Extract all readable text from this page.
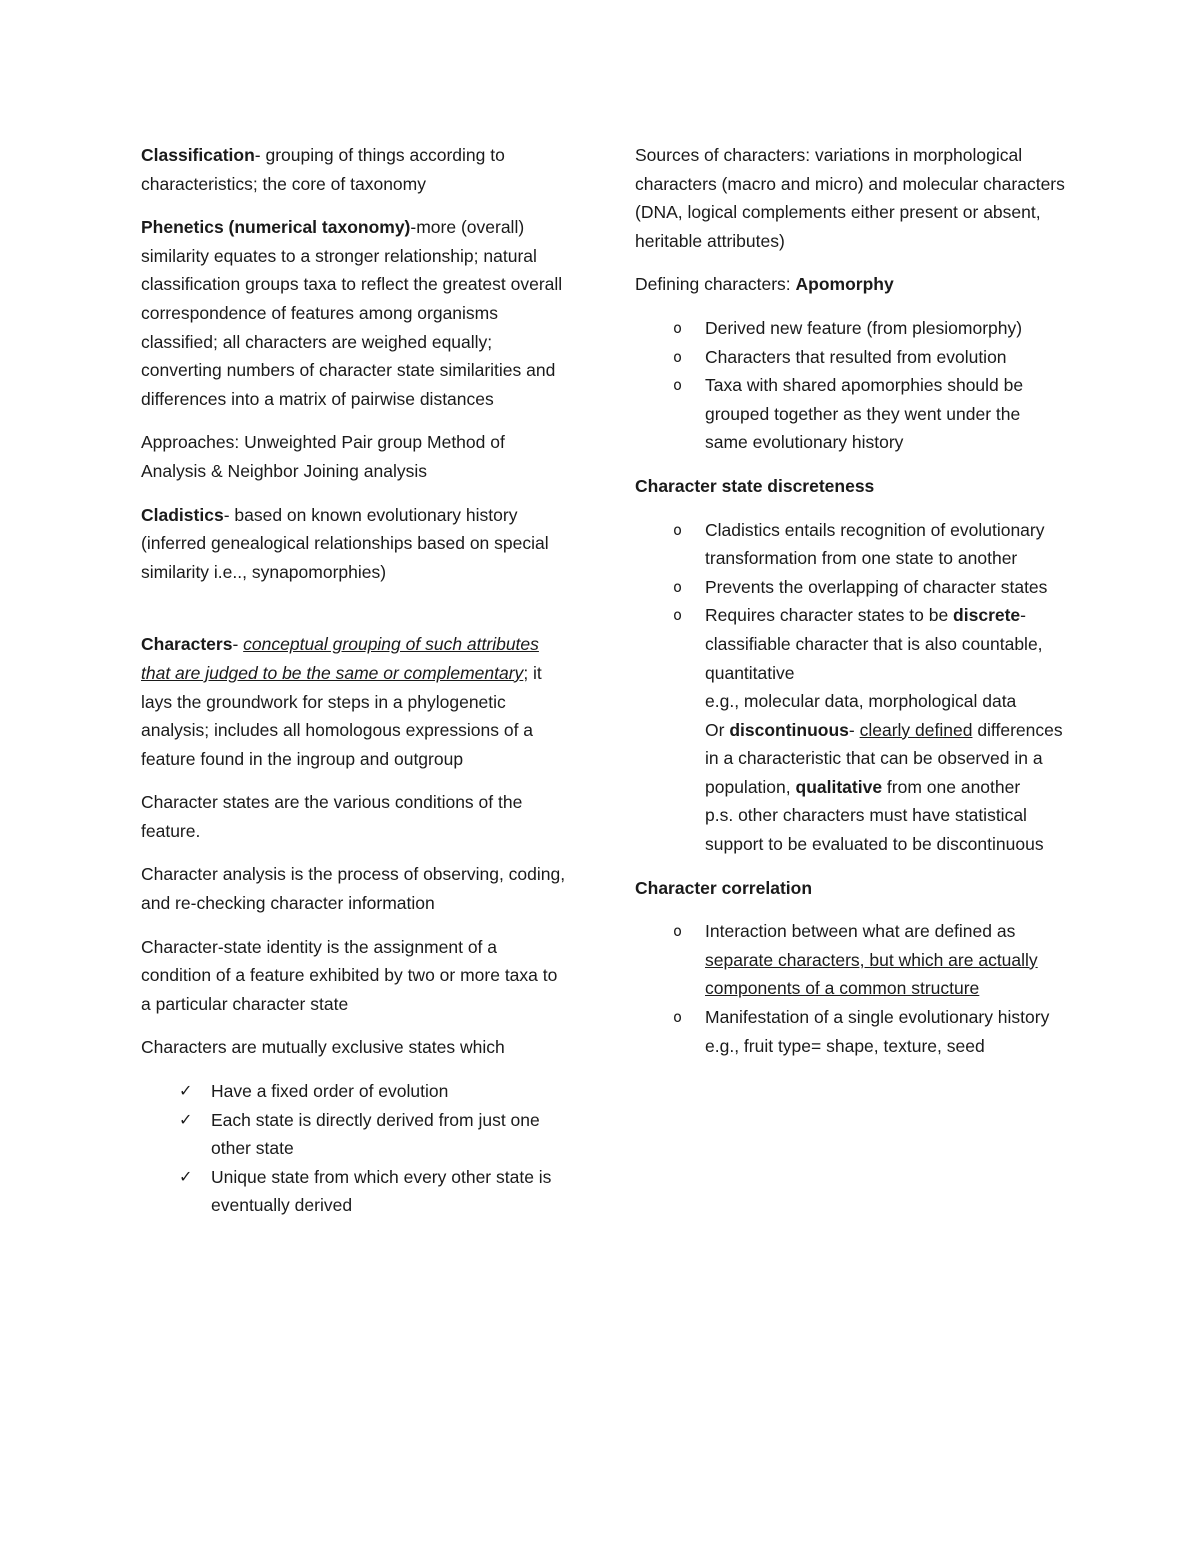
Classification- grouping of things according to characteristics; the core of taxonomy

Phenetics (numerical taxonomy)-more (overall) similarity equates to a stronger relationship; natural classification groups taxa to reflect the greatest overall correspondence of features among organisms classified; all characters are weighed equally; converting numbers of character state similarities and differences into a matrix of pairwise distances

Approaches: Unweighted Pair group Method of Analysis & Neighbor Joining analysis

Cladistics- based on known evolutionary history (inferred genealogical relationships based on special similarity i.e.., synapomorphies)

Characters- conceptual grouping of such attributes that are judged to be the same or complementary; it lays the groundwork for steps in a phylogenetic analysis; includes all homologous expressions of a feature found in the ingroup and outgroup

Character states are the various conditions of the feature.

Character analysis is the process of observing, coding, and re-checking character information

Character-state identity is the assignment of a condition of a feature exhibited by two or more taxa to a particular character state

Characters are mutually exclusive states which

✓ Have a fixed order of evolution
✓ Each state is directly derived from just one other state
✓ Unique state from which every other state is eventually derived

Sources of characters: variations in morphological characters (macro and micro) and molecular characters (DNA, logical complements either present or absent, heritable attributes)

Defining characters: Apomorphy

o Derived new feature (from plesiomorphy)
o Characters that resulted from evolution
o Taxa with shared apomorphies should be grouped together as they went under the same evolutionary history

Character state discreteness

o Cladistics entails recognition of evolutionary transformation from one state to another
o Prevents the overlapping of character states
o Requires character states to be discrete- classifiable character that is also countable, quantitative
e.g., molecular data, morphological data
Or discontinuous- clearly defined differences in a characteristic that can be observed in a population, qualitative from one another
p.s. other characters must have statistical support to be evaluated to be discontinuous

Character correlation

o Interaction between what are defined as separate characters, but which are actually components of a common structure
o Manifestation of a single evolutionary history
e.g., fruit type= shape, texture, seed
